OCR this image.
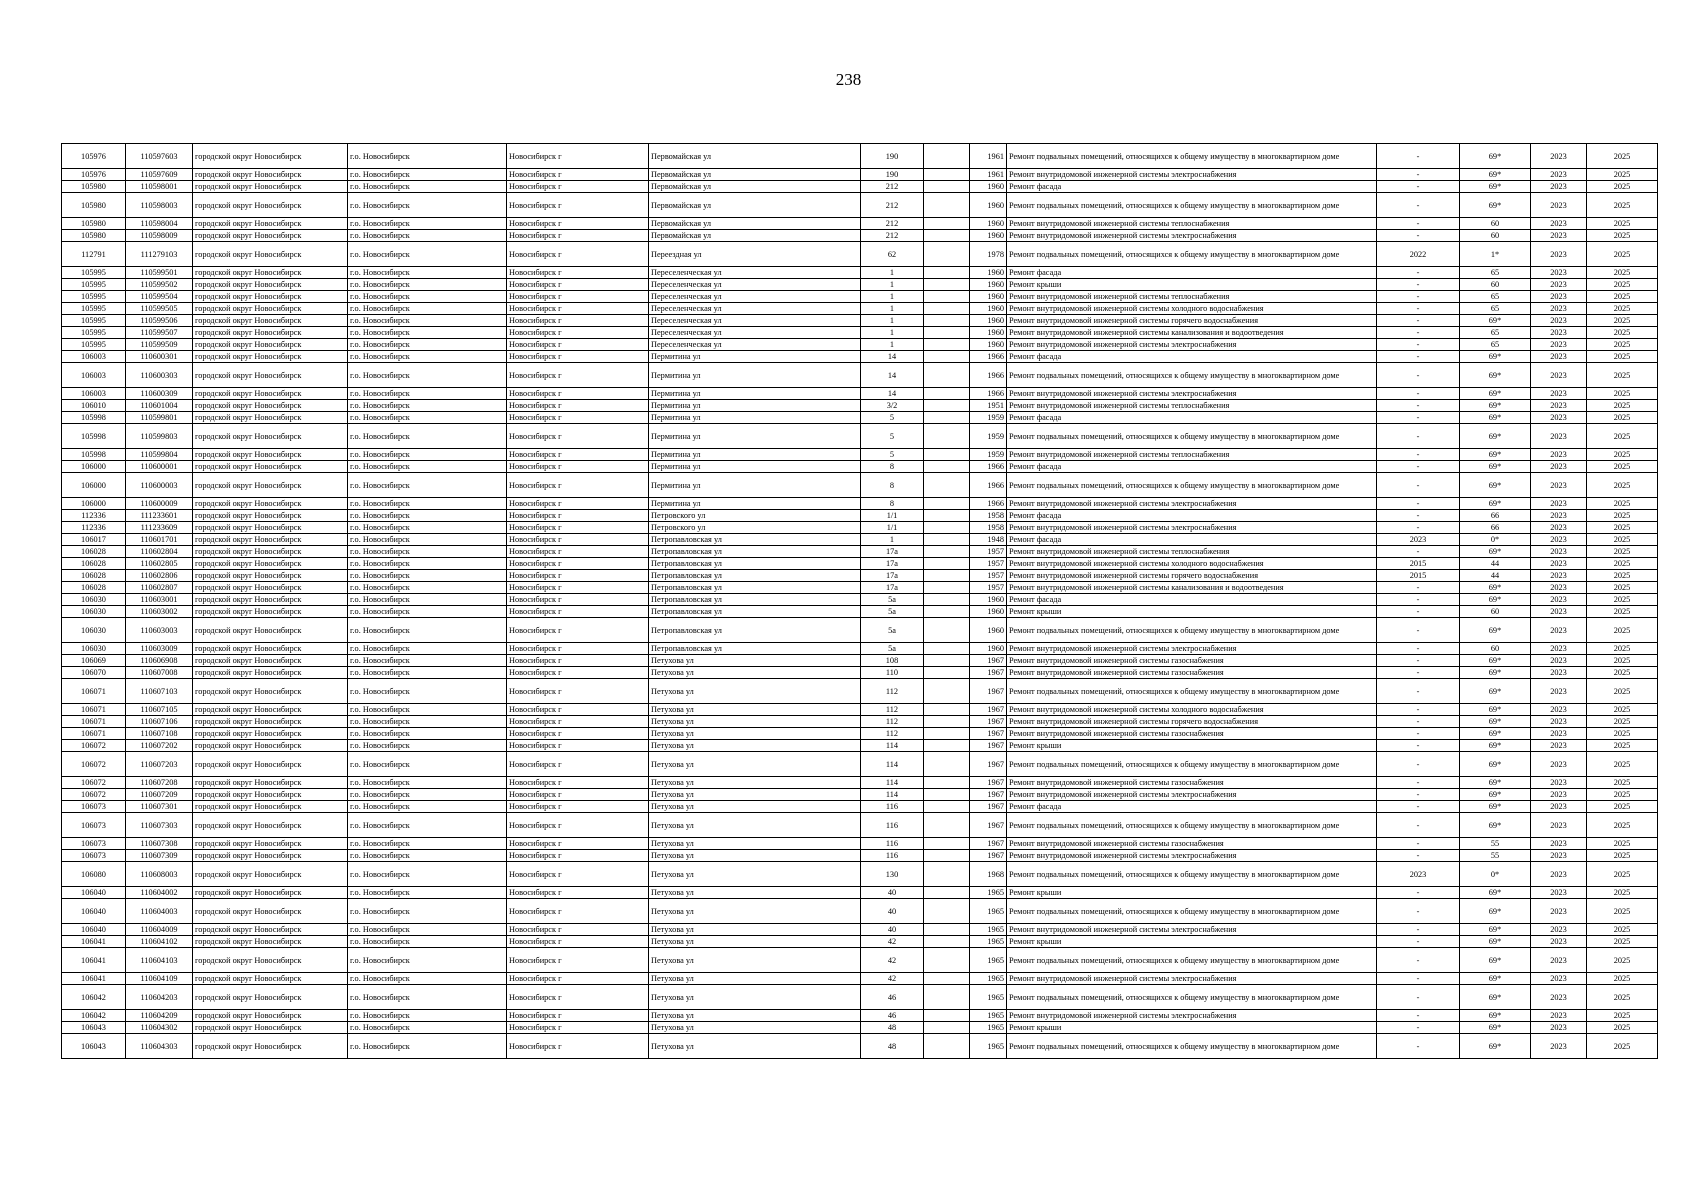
238
105976	110597603	городской округ Новосибирск	г.о. Новосибирск	Новосибирск г	Первомайская ул	190		1961	Ремонт подвальных помещений, относящихся к общему имуществу в многоквартирном доме	-	69*	2023	2025
105976	110597609	городской округ Новосибирск	г.о. Новосибирск	Новосибирск г	Первомайская ул	190		1961	Ремонт внутридомовой инженерной системы электроснабжения	-	69*	2023	2025
105980	110598001	городской округ Новосибирск	г.о. Новосибирск	Новосибирск г	Первомайская ул	212		1960	Ремонт фасада	-	69*	2023	2025
105980	110598003	городской округ Новосибирск	г.о. Новосибирск	Новосибирск г	Первомайская ул	212		1960	Ремонт подвальных помещений, относящихся к общему имуществу в многоквартирном доме	-	69*	2023	2025
105980	110598004	городской округ Новосибирск	г.о. Новосибирск	Новосибирск г	Первомайская ул	212		1960	Ремонт внутридомовой инженерной системы теплоснабжения	-	60	2023	2025
105980	110598009	городской округ Новосибирск	г.о. Новосибирск	Новосибирск г	Первомайская ул	212		1960	Ремонт внутридомовой инженерной системы электроснабжения	-	60	2023	2025
112791	111279103	городской округ Новосибирск	г.о. Новосибирск	Новосибирск г	Переездная ул	62		1978	Ремонт подвальных помещений, относящихся к общему имуществу в многоквартирном доме	2022	1*	2023	2025
105995	110599501	городской округ Новосибирск	г.о. Новосибирск	Новосибирск г	Переселенческая ул	1		1960	Ремонт фасада	-	65	2023	2025
105995	110599502	городской округ Новосибирск	г.о. Новосибирск	Новосибирск г	Переселенческая ул	1		1960	Ремонт крыши	-	60	2023	2025
105995	110599504	городской округ Новосибирск	г.о. Новосибирск	Новосибирск г	Переселенческая ул	1		1960	Ремонт внутридомовой инженерной системы теплоснабжения	-	65	2023	2025
105995	110599505	городской округ Новосибирск	г.о. Новосибирск	Новосибирск г	Переселенческая ул	1		1960	Ремонт внутридомовой инженерной системы холодного водоснабжения	-	65	2023	2025
105995	110599506	городской округ Новосибирск	г.о. Новосибирск	Новосибирск г	Переселенческая ул	1		1960	Ремонт внутридомовой инженерной системы горячего водоснабжения	-	69*	2023	2025
105995	110599507	городской округ Новосибирск	г.о. Новосибирск	Новосибирск г	Переселенческая ул	1		1960	Ремонт внутридомовой инженерной системы канализования и водоотведения	-	65	2023	2025
105995	110599509	городской округ Новосибирск	г.о. Новосибирск	Новосибирск г	Переселенческая ул	1		1960	Ремонт внутридомовой инженерной системы электроснабжения	-	65	2023	2025
106003	110600301	городской округ Новосибирск	г.о. Новосибирск	Новосибирск г	Пермитина ул	14		1966	Ремонт фасада	-	69*	2023	2025
106003	110600303	городской округ Новосибирск	г.о. Новосибирск	Новосибирск г	Пермитина ул	14		1966	Ремонт подвальных помещений, относящихся к общему имуществу в многоквартирном доме	-	69*	2023	2025
106003	110600309	городской округ Новосибирск	г.о. Новосибирск	Новосибирск г	Пермитина ул	14		1966	Ремонт внутридомовой инженерной системы электроснабжения	-	69*	2023	2025
106010	110601004	городской округ Новосибирск	г.о. Новосибирск	Новосибирск г	Пермитина ул	3/2		1951	Ремонт внутридомовой инженерной системы теплоснабжения	-	69*	2023	2025
105998	110599801	городской округ Новосибирск	г.о. Новосибирск	Новосибирск г	Пермитина ул	5		1959	Ремонт фасада	-	69*	2023	2025
105998	110599803	городской округ Новосибирск	г.о. Новосибирск	Новосибирск г	Пермитина ул	5		1959	Ремонт подвальных помещений, относящихся к общему имуществу в многоквартирном доме	-	69*	2023	2025
105998	110599804	городской округ Новосибирск	г.о. Новосибирск	Новосибирск г	Пермитина ул	5		1959	Ремонт внутридомовой инженерной системы теплоснабжения	-	69*	2023	2025
106000	110600001	городской округ Новосибирск	г.о. Новосибирск	Новосибирск г	Пермитина ул	8		1966	Ремонт фасада	-	69*	2023	2025
106000	110600003	городской округ Новосибирск	г.о. Новосибирск	Новосибирск г	Пермитина ул	8		1966	Ремонт подвальных помещений, относящихся к общему имуществу в многоквартирном доме	-	69*	2023	2025
106000	110600009	городской округ Новосибирск	г.о. Новосибирск	Новосибирск г	Пермитина ул	8		1966	Ремонт внутридомовой инженерной системы электроснабжения	-	69*	2023	2025
112336	111233601	городской округ Новосибирск	г.о. Новосибирск	Новосибирск г	Петровского ул	1/1		1958	Ремонт фасада	-	66	2023	2025
112336	111233609	городской округ Новосибирск	г.о. Новосибирск	Новосибирск г	Петровского ул	1/1		1958	Ремонт внутридомовой инженерной системы электроснабжения	-	66	2023	2025
106017	110601701	городской округ Новосибирск	г.о. Новосибирск	Новосибирск г	Петропавловская ул	1		1948	Ремонт фасада	2023	0*	2023	2025
106028	110602804	городской округ Новосибирск	г.о. Новосибирск	Новосибирск г	Петропавловская ул	17а		1957	Ремонт внутридомовой инженерной системы теплоснабжения	-	69*	2023	2025
106028	110602805	городской округ Новосибирск	г.о. Новосибирск	Новосибирск г	Петропавловская ул	17а		1957	Ремонт внутридомовой инженерной системы холодного водоснабжения	2015	44	2023	2025
106028	110602806	городской округ Новосибирск	г.о. Новосибирск	Новосибирск г	Петропавловская ул	17а		1957	Ремонт внутридомовой инженерной системы горячего водоснабжения	2015	44	2023	2025
106028	110602807	городской округ Новосибирск	г.о. Новосибирск	Новосибирск г	Петропавловская ул	17а		1957	Ремонт внутридомовой инженерной системы канализования и водоотведения	-	69*	2023	2025
106030	110603001	городской округ Новосибирск	г.о. Новосибирск	Новосибирск г	Петропавловская ул	5а		1960	Ремонт фасада	-	69*	2023	2025
106030	110603002	городской округ Новосибирск	г.о. Новосибирск	Новосибирск г	Петропавловская ул	5а		1960	Ремонт крыши	-	60	2023	2025
106030	110603003	городской округ Новосибирск	г.о. Новосибирск	Новосибирск г	Петропавловская ул	5а		1960	Ремонт подвальных помещений, относящихся к общему имуществу в многоквартирном доме	-	69*	2023	2025
106030	110603009	городской округ Новосибирск	г.о. Новосибирск	Новосибирск г	Петропавловская ул	5а		1960	Ремонт внутридомовой инженерной системы электроснабжения	-	60	2023	2025
106069	110606908	городской округ Новосибирск	г.о. Новосибирск	Новосибирск г	Петухова ул	108		1967	Ремонт внутридомовой инженерной системы газоснабжения	-	69*	2023	2025
106070	110607008	городской округ Новосибирск	г.о. Новосибирск	Новосибирск г	Петухова ул	110		1967	Ремонт внутридомовой инженерной системы газоснабжения	-	69*	2023	2025
106071	110607103	городской округ Новосибирск	г.о. Новосибирск	Новосибирск г	Петухова ул	112		1967	Ремонт подвальных помещений, относящихся к общему имуществу в многоквартирном доме	-	69*	2023	2025
106071	110607105	городской округ Новосибирск	г.о. Новосибирск	Новосибирск г	Петухова ул	112		1967	Ремонт внутридомовой инженерной системы холодного водоснабжения	-	69*	2023	2025
106071	110607106	городской округ Новосибирск	г.о. Новосибирск	Новосибирск г	Петухова ул	112		1967	Ремонт внутридомовой инженерной системы горячего водоснабжения	-	69*	2023	2025
106071	110607108	городской округ Новосибирск	г.о. Новосибирск	Новосибирск г	Петухова ул	112		1967	Ремонт внутридомовой инженерной системы газоснабжения	-	69*	2023	2025
106072	110607202	городской округ Новосибирск	г.о. Новосибирск	Новосибирск г	Петухова ул	114		1967	Ремонт крыши	-	69*	2023	2025
106072	110607203	городской округ Новосибирск	г.о. Новосибирск	Новосибирск г	Петухова ул	114		1967	Ремонт подвальных помещений, относящихся к общему имуществу в многоквартирном доме	-	69*	2023	2025
106072	110607208	городской округ Новосибирск	г.о. Новосибирск	Новосибирск г	Петухова ул	114		1967	Ремонт внутридомовой инженерной системы газоснабжения	-	69*	2023	2025
106072	110607209	городской округ Новосибирск	г.о. Новосибирск	Новосибирск г	Петухова ул	114		1967	Ремонт внутридомовой инженерной системы электроснабжения	-	69*	2023	2025
106073	110607301	городской округ Новосибирск	г.о. Новосибирск	Новосибирск г	Петухова ул	116		1967	Ремонт фасада	-	69*	2023	2025
106073	110607303	городской округ Новосибирск	г.о. Новосибирск	Новосибирск г	Петухова ул	116		1967	Ремонт подвальных помещений, относящихся к общему имуществу в многоквартирном доме	-	69*	2023	2025
106073	110607308	городской округ Новосибирск	г.о. Новосибирск	Новосибирск г	Петухова ул	116		1967	Ремонт внутридомовой инженерной системы газоснабжения	-	55	2023	2025
106073	110607309	городской округ Новосибирск	г.о. Новосибирск	Новосибирск г	Петухова ул	116		1967	Ремонт внутридомовой инженерной системы электроснабжения	-	55	2023	2025
106080	110608003	городской округ Новосибирск	г.о. Новосибирск	Новосибирск г	Петухова ул	130		1968	Ремонт подвальных помещений, относящихся к общему имуществу в многоквартирном доме	2023	0*	2023	2025
106040	110604002	городской округ Новосибирск	г.о. Новосибирск	Новосибирск г	Петухова ул	40		1965	Ремонт крыши	-	69*	2023	2025
106040	110604003	городской округ Новосибирск	г.о. Новосибирск	Новосибирск г	Петухова ул	40		1965	Ремонт подвальных помещений, относящихся к общему имуществу в многоквартирном доме	-	69*	2023	2025
106040	110604009	городской округ Новосибирск	г.о. Новосибирск	Новосибирск г	Петухова ул	40		1965	Ремонт внутридомовой инженерной системы электроснабжения	-	69*	2023	2025
106041	110604102	городской округ Новосибирск	г.о. Новосибирск	Новосибирск г	Петухова ул	42		1965	Ремонт крыши	-	69*	2023	2025
106041	110604103	городской округ Новосибирск	г.о. Новосибирск	Новосибирск г	Петухова ул	42		1965	Ремонт подвальных помещений, относящихся к общему имуществу в многоквартирном доме	-	69*	2023	2025
106041	110604109	городской округ Новосибирск	г.о. Новосибирск	Новосибирск г	Петухова ул	42		1965	Ремонт внутридомовой инженерной системы электроснабжения	-	69*	2023	2025
106042	110604203	городской округ Новосибирск	г.о. Новосибирск	Новосибирск г	Петухова ул	46		1965	Ремонт подвальных помещений, относящихся к общему имуществу в многоквартирном доме	-	69*	2023	2025
106042	110604209	городской округ Новосибирск	г.о. Новосибирск	Новосибирск г	Петухова ул	46		1965	Ремонт внутридомовой инженерной системы электроснабжения	-	69*	2023	2025
106043	110604302	городской округ Новосибирск	г.о. Новосибирск	Новосибирск г	Петухова ул	48		1965	Ремонт крыши	-	69*	2023	2025
106043	110604303	городской округ Новосибирск	г.о. Новосибирск	Новосибирск г	Петухова ул	48		1965	Ремонт подвальных помещений, относящихся к общему имуществу в многоквартирном доме	-	69*	2023	2025
